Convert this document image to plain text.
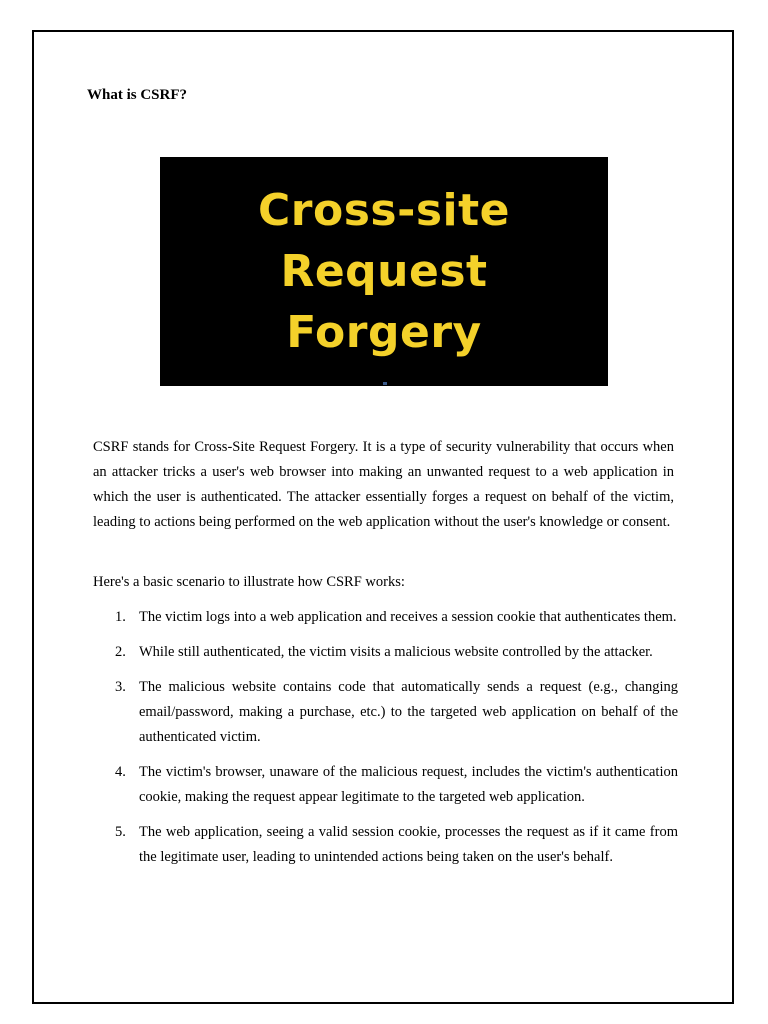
What is CSRF?
Cross-site
Request
Forgery

CSRF stands for Cross-Site Request Forgery. It is a type of security vulnerability that occurs when an attacker tricks a user's web browser into making an unwanted request to a web application in which the user is authenticated. The attacker essentially forges a request on behalf of the victim, leading to actions being performed on the web application without the user's knowledge or consent.

Here's a basic scenario to illustrate how CSRF works:

1. The victim logs into a web application and receives a session cookie that authenticates them.
2. While still authenticated, the victim visits a malicious website controlled by the attacker.
3. The malicious website contains code that automatically sends a request (e.g., changing email/password, making a purchase, etc.) to the targeted web application on behalf of the authenticated victim.
4. The victim's browser, unaware of the malicious request, includes the victim's authentication cookie, making the request appear legitimate to the targeted web application.
5. The web application, seeing a valid session cookie, processes the request as if it came from the legitimate user, leading to unintended actions being taken on the user's behalf.
